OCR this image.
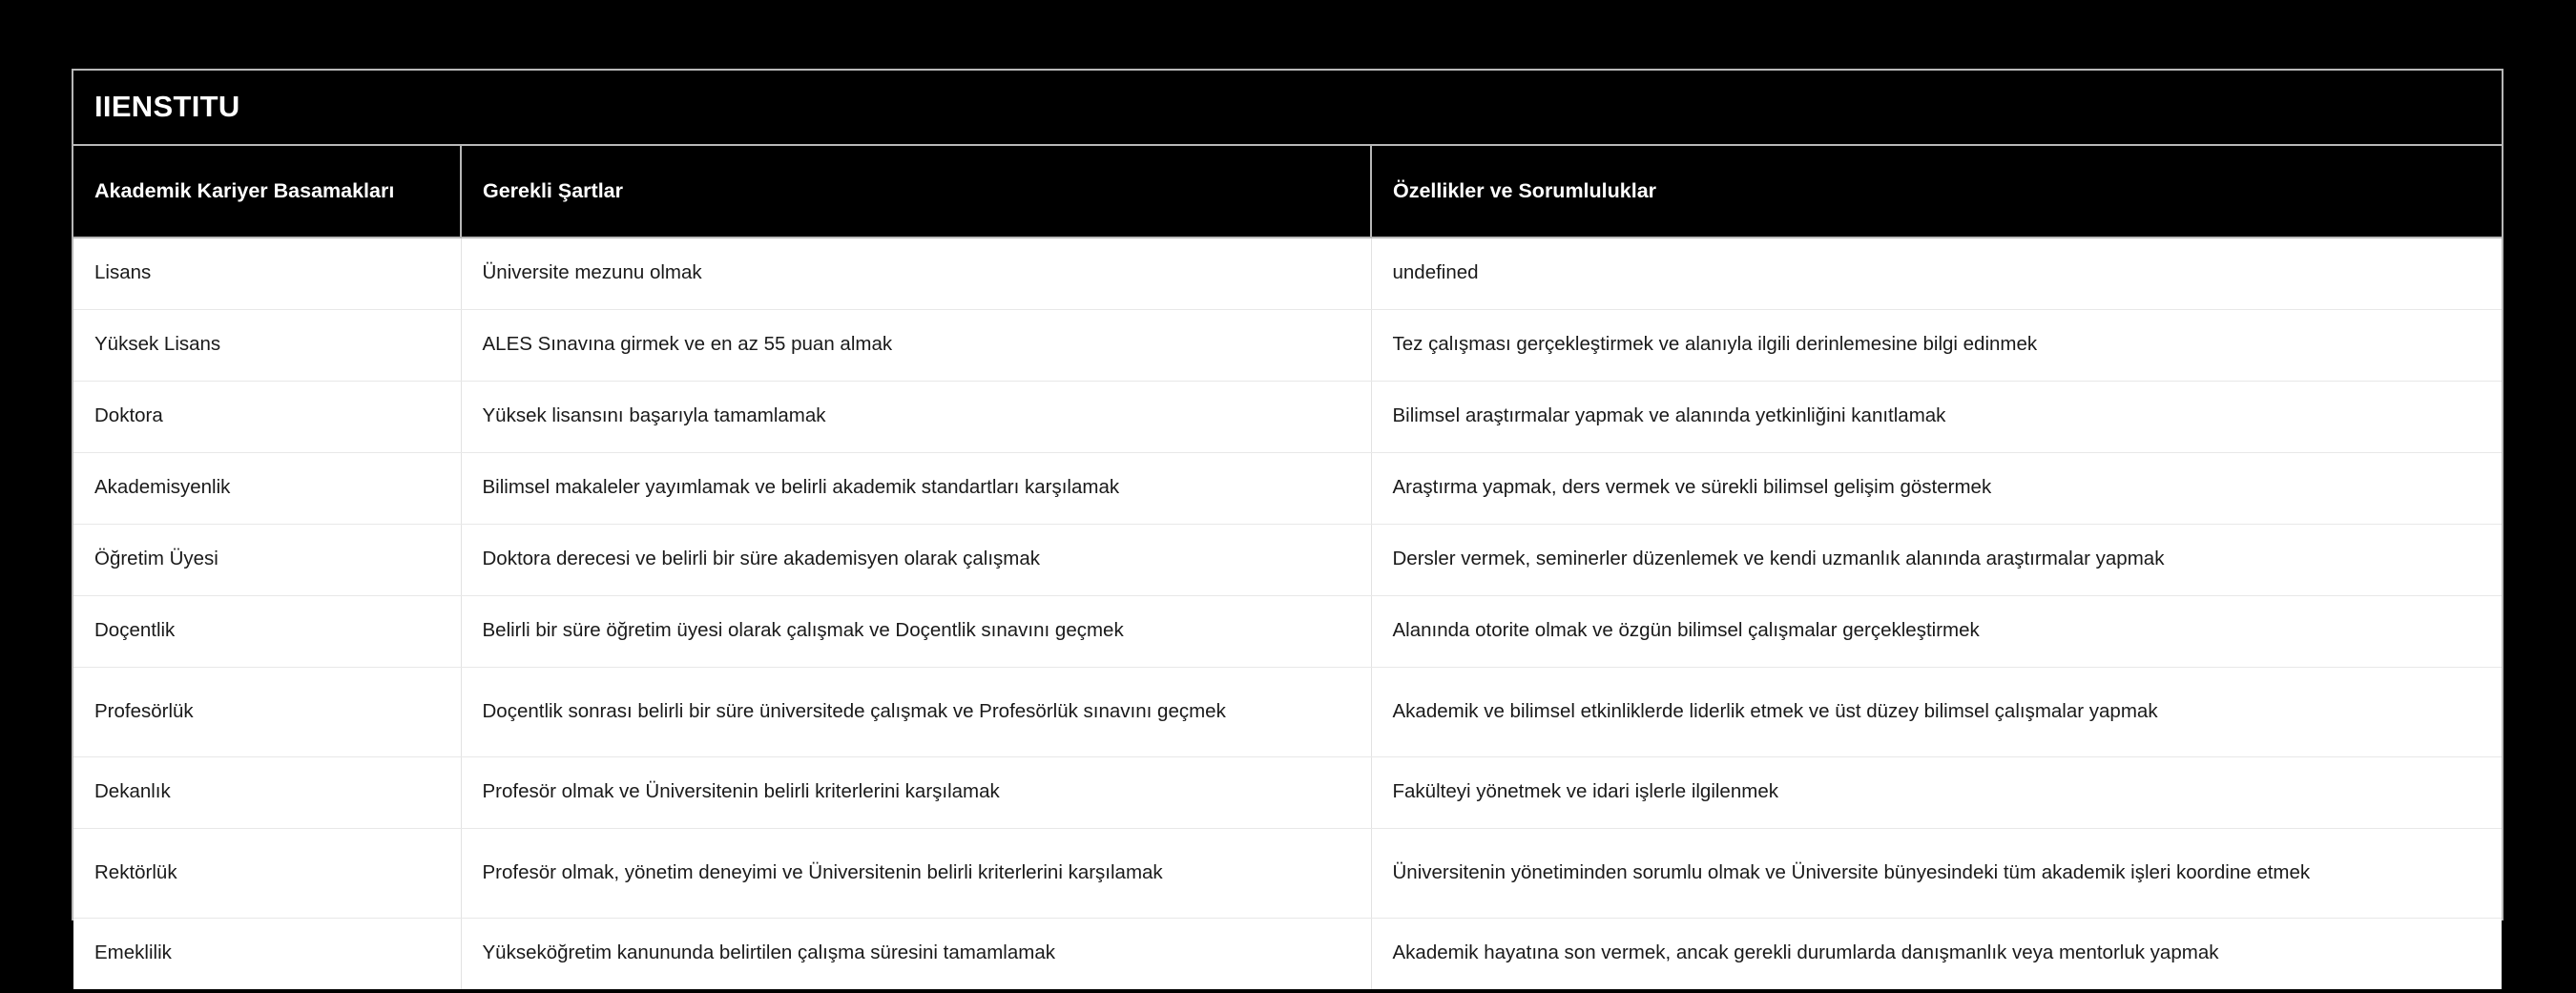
IIENSTITU
Akademik Kariyer Basamakları	Gerekli Şartlar	Özellikler ve Sorumluluklar
Lisans	Üniversite mezunu olmak	undefined
Yüksek Lisans	ALES Sınavına girmek ve en az 55 puan almak	Tez çalışması gerçekleştirmek ve alanıyla ilgili derinlemesine bilgi edinmek
Doktora	Yüksek lisansını başarıyla tamamlamak	Bilimsel araştırmalar yapmak ve alanında yetkinliğini kanıtlamak
Akademisyenlik	Bilimsel makaleler yayımlamak ve belirli akademik standartları karşılamak	Araştırma yapmak, ders vermek ve sürekli bilimsel gelişim göstermek
Öğretim Üyesi	Doktora derecesi ve belirli bir süre akademisyen olarak çalışmak	Dersler vermek, seminerler düzenlemek ve kendi uzmanlık alanında araştırmalar yapmak
Doçentlik	Belirli bir süre öğretim üyesi olarak çalışmak ve Doçentlik sınavını geçmek	Alanında otorite olmak ve özgün bilimsel çalışmalar gerçekleştirmek
Profesörlük	Doçentlik sonrası belirli bir süre üniversitede çalışmak ve Profesörlük sınavını geçmek	Akademik ve bilimsel etkinliklerde liderlik etmek ve üst düzey bilimsel çalışmalar yapmak
Dekanlık	Profesör olmak ve Üniversitenin belirli kriterlerini karşılamak	Fakülteyi yönetmek ve idari işlerle ilgilenmek
Rektörlük	Profesör olmak, yönetim deneyimi ve Üniversitenin belirli kriterlerini karşılamak	Üniversitenin yönetiminden sorumlu olmak ve Üniversite bünyesindeki tüm akademik işleri koordine etmek
Emeklilik	Yükseköğretim kanununda belirtilen çalışma süresini tamamlamak	Akademik hayatına son vermek, ancak gerekli durumlarda danışmanlık veya mentorluk yapmak
